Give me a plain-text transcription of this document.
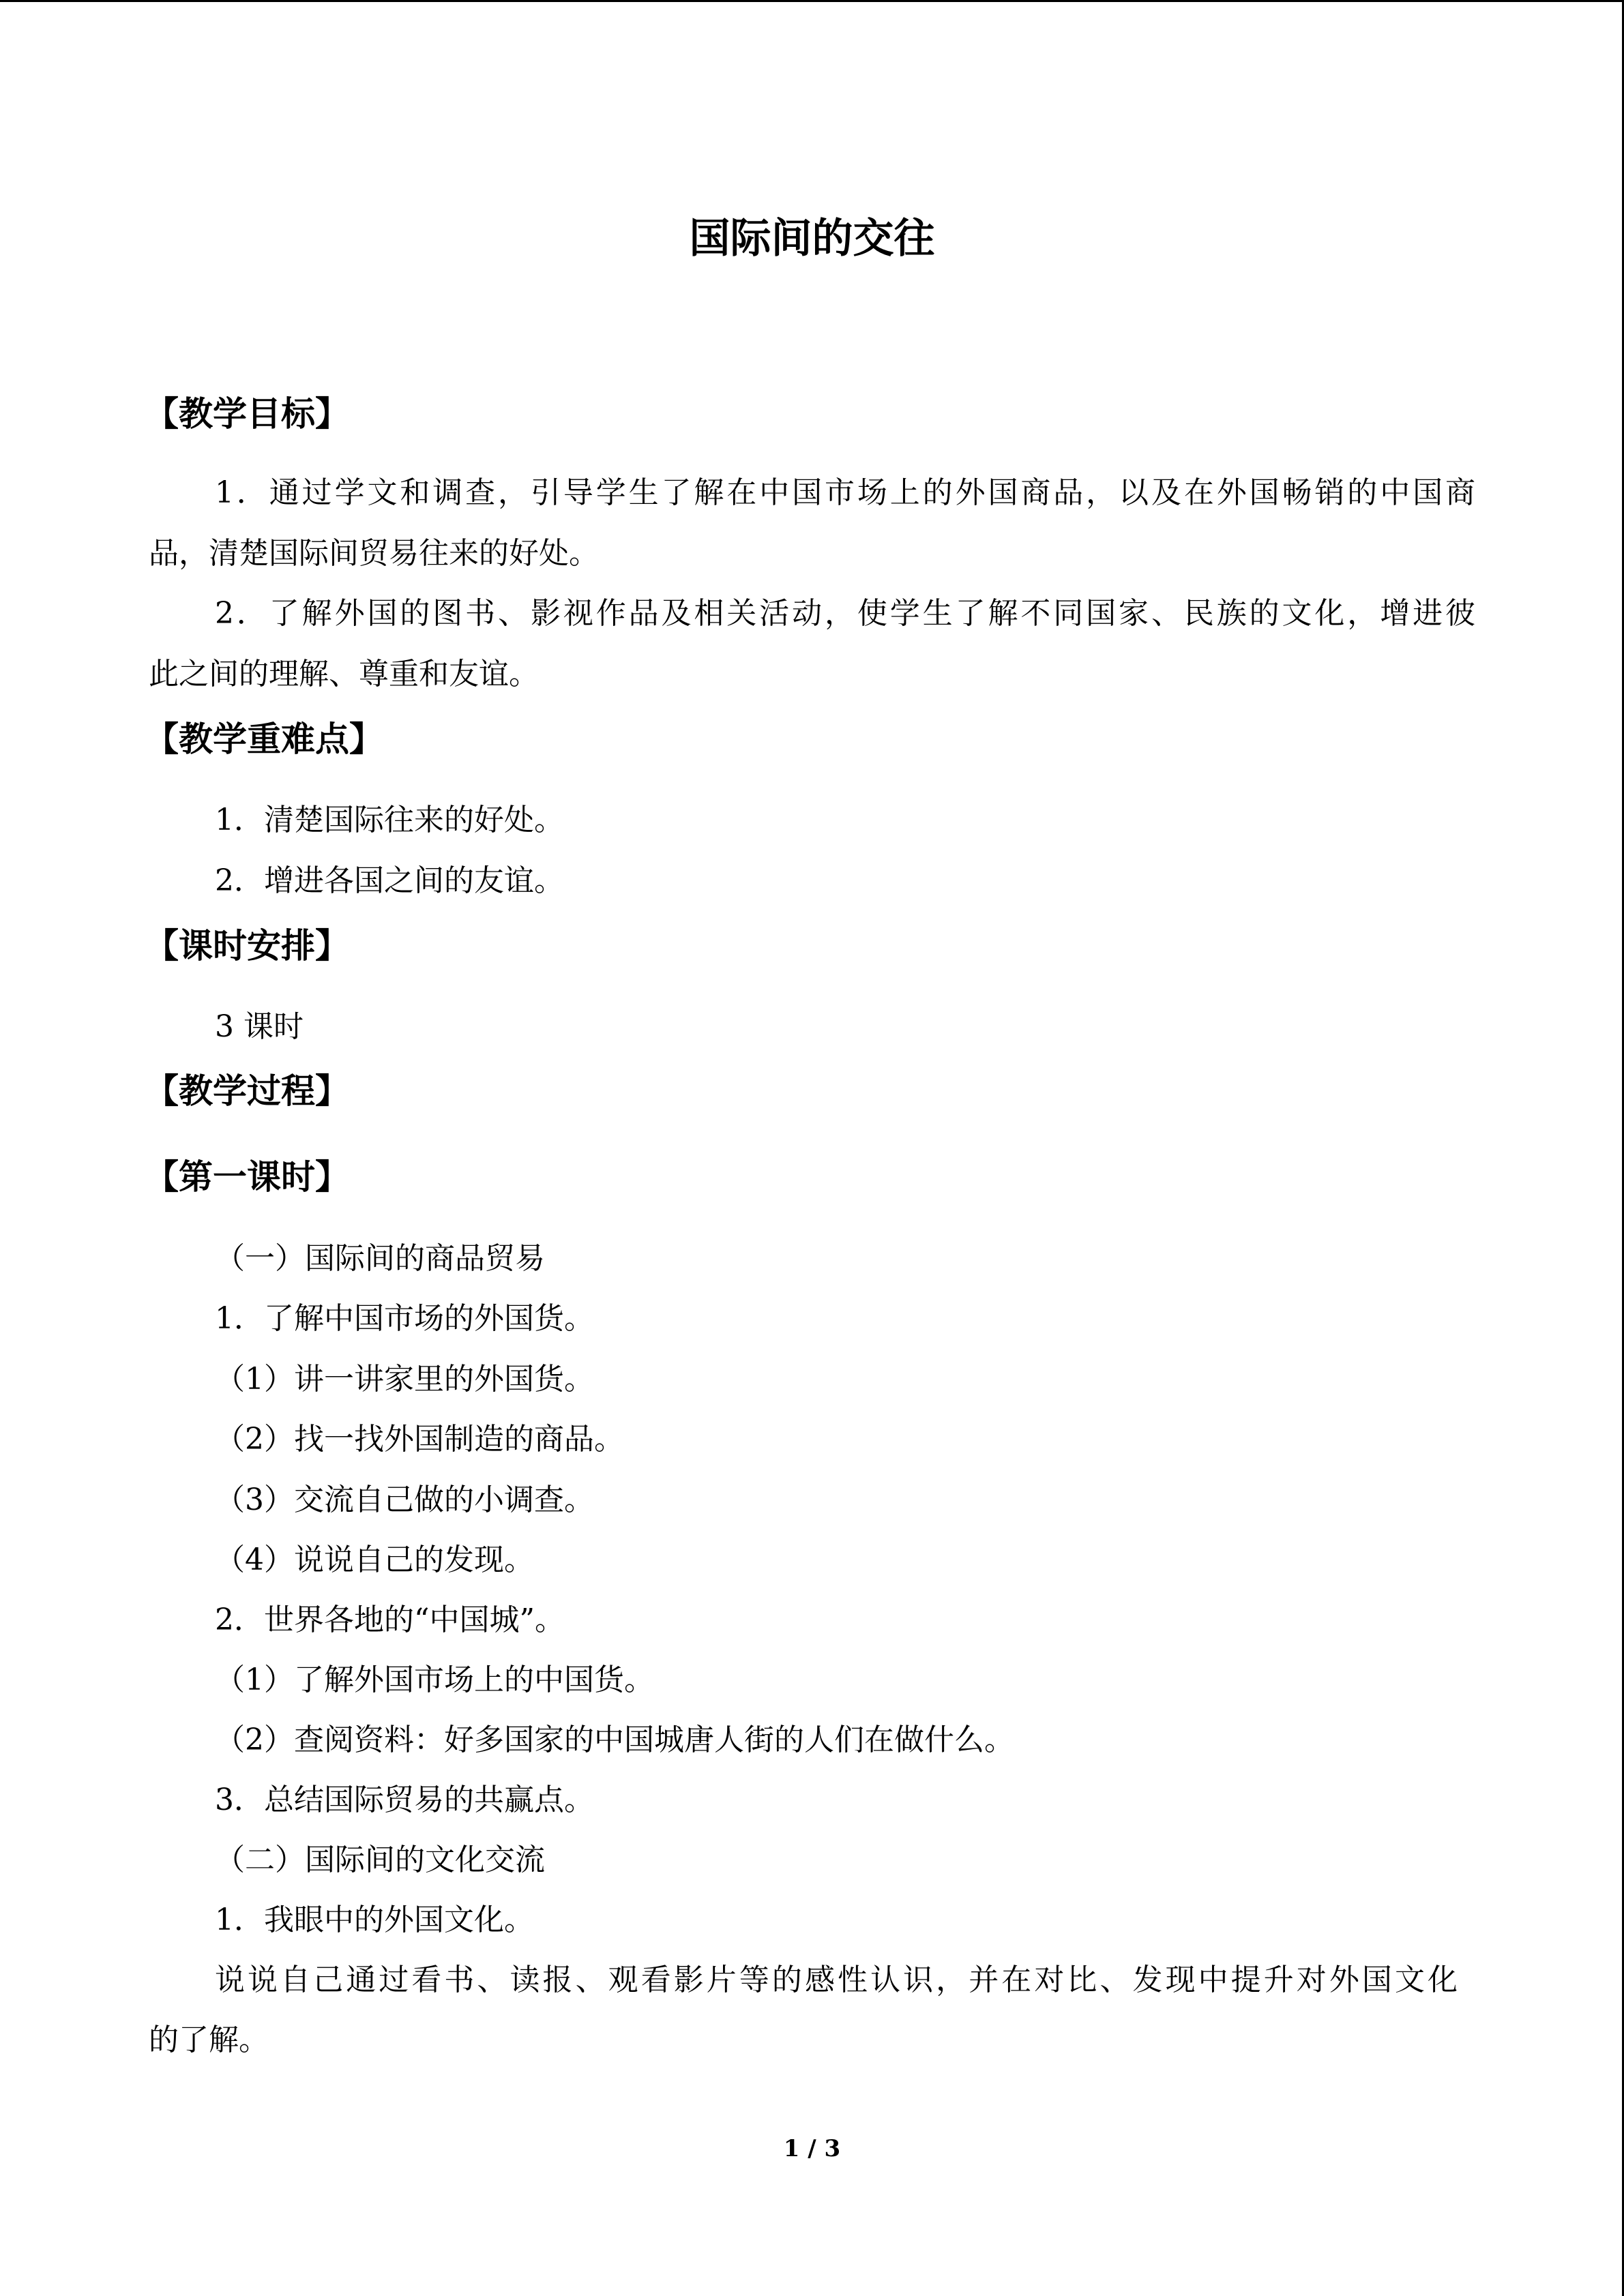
国际间的交往
【教学目标】
1．通过学文和调查，引导学生了解在中国市场上的外国商品，以及在外国畅销的中国商
品，清楚国际间贸易往来的好处。
2．了解外国的图书、影视作品及相关活动，使学生了解不同国家、民族的文化，增进彼
此之间的理解、尊重和友谊。
【教学重难点】
1．清楚国际往来的好处。
2．增进各国之间的友谊。
【课时安排】
3 课时
【教学过程】
【第一课时】
（一）国际间的商品贸易
1．了解中国市场的外国货。
（1）讲一讲家里的外国货。
（2）找一找外国制造的商品。
（3）交流自己做的小调查。
（4）说说自己的发现。
2．世界各地的“中国城”。
（1）了解外国市场上的中国货。
（2）查阅资料：好多国家的中国城唐人街的人们在做什么。
3．总结国际贸易的共赢点。
（二）国际间的文化交流
1．我眼中的外国文化。
说说自己通过看书、读报、观看影片等的感性认识，并在对比、发现中提升对外国文化
的了解。
1 / 3
